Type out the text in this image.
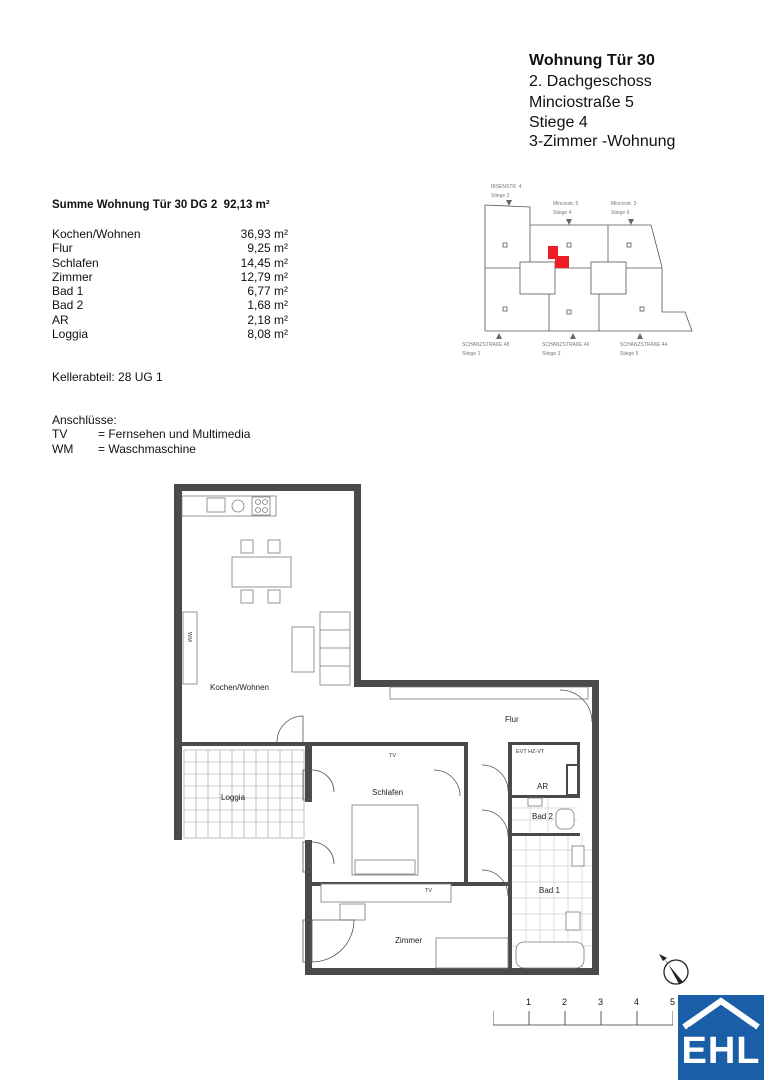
Wohnung Tür 30
2. Dachgeschoss
Minciostraße 5
Stiege 4
3-Zimmer -Wohnung
Summe Wohnung Tür 30 DG 2 92,13 m²
Kochen/Wohnen	36,93 m²
Flur	9,25 m²
Schlafen	14,45 m²
Zimmer	12,79 m²
Bad 1	6,77 m²
Bad 2	1,68 m²
AR	2,18 m²
Loggia	8,08 m²
Kellerabteil: 28 UG 1
Anschlüsse:
TV	= Fernsehen und Multimedia
WM	= Waschmaschine
IBSENSTR. 4
Stiege 2
Minciostr. 5
Stiege 4
Minciostr. 3
Stiege 6
SCHANZSTRAßE 48
Stiege 1
SCHANZSTRAßE 46
Stiege 3
SCHANZSTRAßE 44
Stiege 5
Kochen/Wohnen
Flur
Loggia
Schlafen
Zimmer
Bad 1
Bad 2
AR
EVT HZ-VT
TV
TV
WM
1	2	3	4	5
EHL
